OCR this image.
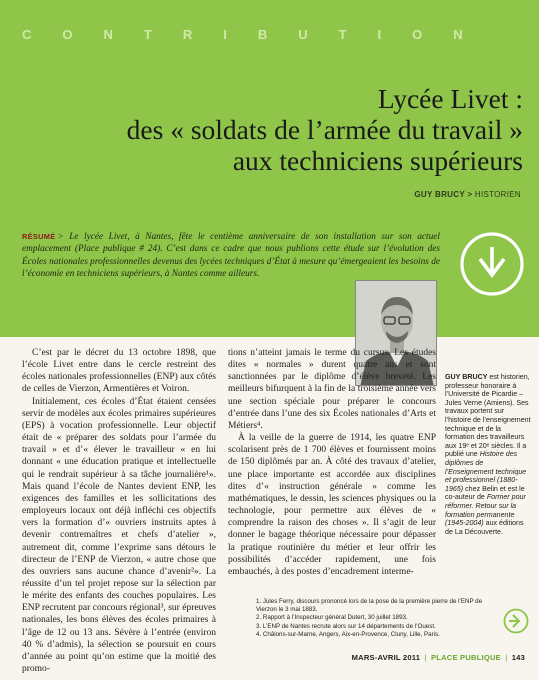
CONTRIBUTION
Lycée Livet :
des « soldats de l’armée du travail »
aux techniciens supérieurs
GUY BRUCY > HISTORIEN
RÉSUMÉ > Le lycée Livet, à Nantes, fête le centième anniversaire de son installation sur son actuel emplacement (Place publique # 24). C’est dans ce cadre que nous publions cette étude sur l’évolution des Écoles nationales professionnelles devenus des lycées techniques d’État à mesure qu’émergeaient les besoins de l’économie en techniciens supérieurs, à Nantes comme ailleurs.

C’est par le décret du 13 octobre 1898, que l’école Livet entre dans le cercle restreint des écoles nationales professionnelles (ENP) aux côtés de celles de Vierzon, Armentières et Voiron.

Initialement, ces écoles d’État étaient censées servir de modèles aux écoles primaires supérieures (EPS) à vocation professionnelle. Leur objectif était de « préparer des soldats pour l’armée du travail » et d’« élever le travailleur « en lui donnant « une éducation pratique et intellectuelle qui le rendrait supérieur à sa tâche journalière¹». Mais quand l’école de Nantes devient ENP, les exigences des familles et les sollicitations des employeurs locaux ont déjà infléchi ces objectifs vers la formation d’« ouvriers instruits aptes à devenir contremaîtres et chefs d’atelier », autrement dit, comme l’exprime sans détours le directeur de l’ENP de Vierzon, « autre chose que des ouvriers sans aucune chance d’avenir²». La réussite d’un tel projet repose sur la sélection par le mérite des enfants des couches populaires. Les ENP recrutent par concours régional³, sur épreuves nationales, les bons élèves des écoles primaires à l’âge de 12 ou 13 ans. Sévère à l’entrée (environ 40 % d’admis), la sélection se poursuit en cours d’année au point qu’on estime que la moitié des promo-

tions n’atteint jamais le terme du cursus. Les études dites « normales » durent quatre ans et sont sanctionnées par le diplôme d’élève breveté. Les meilleurs bifurquent à la fin de la troisième année vers une section spéciale pour préparer le concours d’entrée dans l’une des six Écoles nationales d’Arts et Métiers⁴.

À la veille de la guerre de 1914, les quatre ENP scolarisent près de 1 700 élèves et fournissent moins de 150 diplômés par an. À côté des travaux d’atelier, une place importante est accordée aux disciplines dites d’« instruction générale » comme les mathématiques, le dessin, les sciences physiques ou la technologie, pour permettre aux élèves de « comprendre la raison des choses ». Il s’agit de leur donner le bagage théorique nécessaire pour dépasser la pratique routinière du métier et leur offrir les possibilités d’accéder rapidement, une fois embauchés, à des postes d’encadrement interme-

GUY BRUCY est historien, professeur honoraire à l’Université de Picardie – Jules Verne (Amiens). Ses travaux portent sur l’histoire de l’enseignement technique et de la formation des travailleurs aux 19ᵉ et 20ᵉ siècles. Il a publié une Histoire des diplômes de l’Enseignement technique et professionnel (1880-1965) chez Belin et est le co-auteur de Former pour réformer. Retour sur la formation permanente (1945-2004) aux éditions de La Découverte.
1. Jules Ferry, discours prononcé lors de la pose de la première pierre de l’ENP de
Vierzon le 3 mai 1883.
2. Rapport à l’Inspecteur général Dutert, 30 juillet 1893.
3. L’ENP de Nantes recrute alors sur 14 départements de l’Ouest.
4. Châlons-sur-Marne, Angers, Aix-en-Provence, Cluny, Lille, Paris.
MARS-AVRIL 2011 | PLACE PUBLIQUE | 143
